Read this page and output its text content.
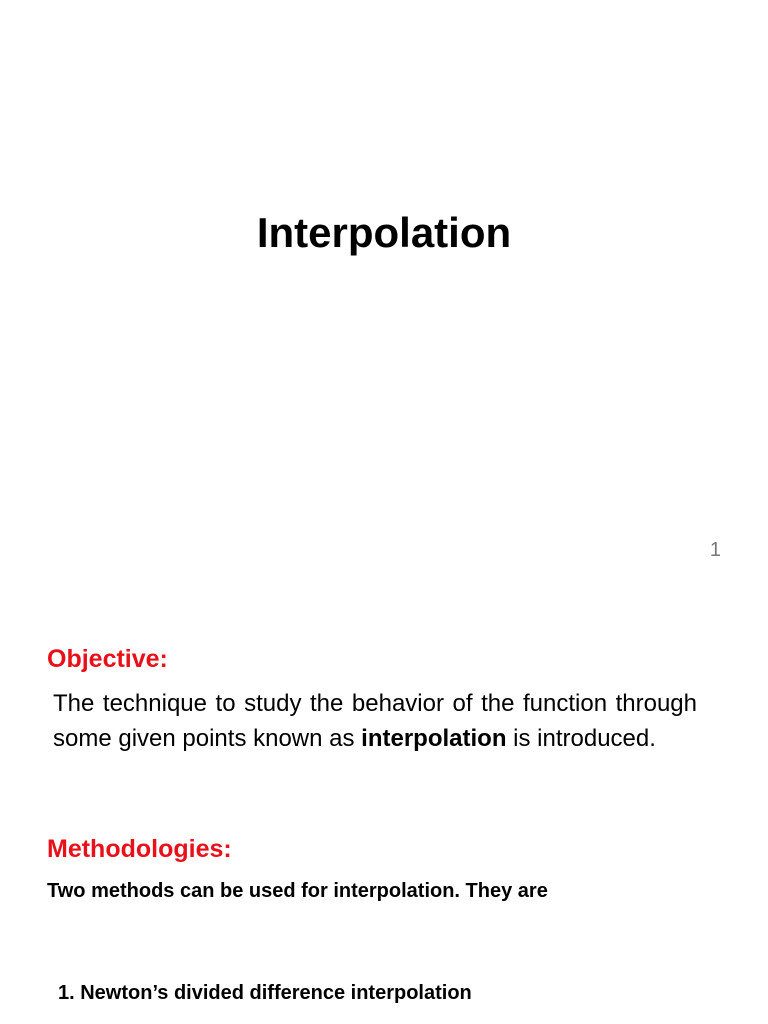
Interpolation
1
Objective:

The technique to study the behavior of the function through some given points known as interpolation is introduced.

Methodologies:

Two methods can be used for interpolation. They are

1. Newton’s divided difference interpolation
